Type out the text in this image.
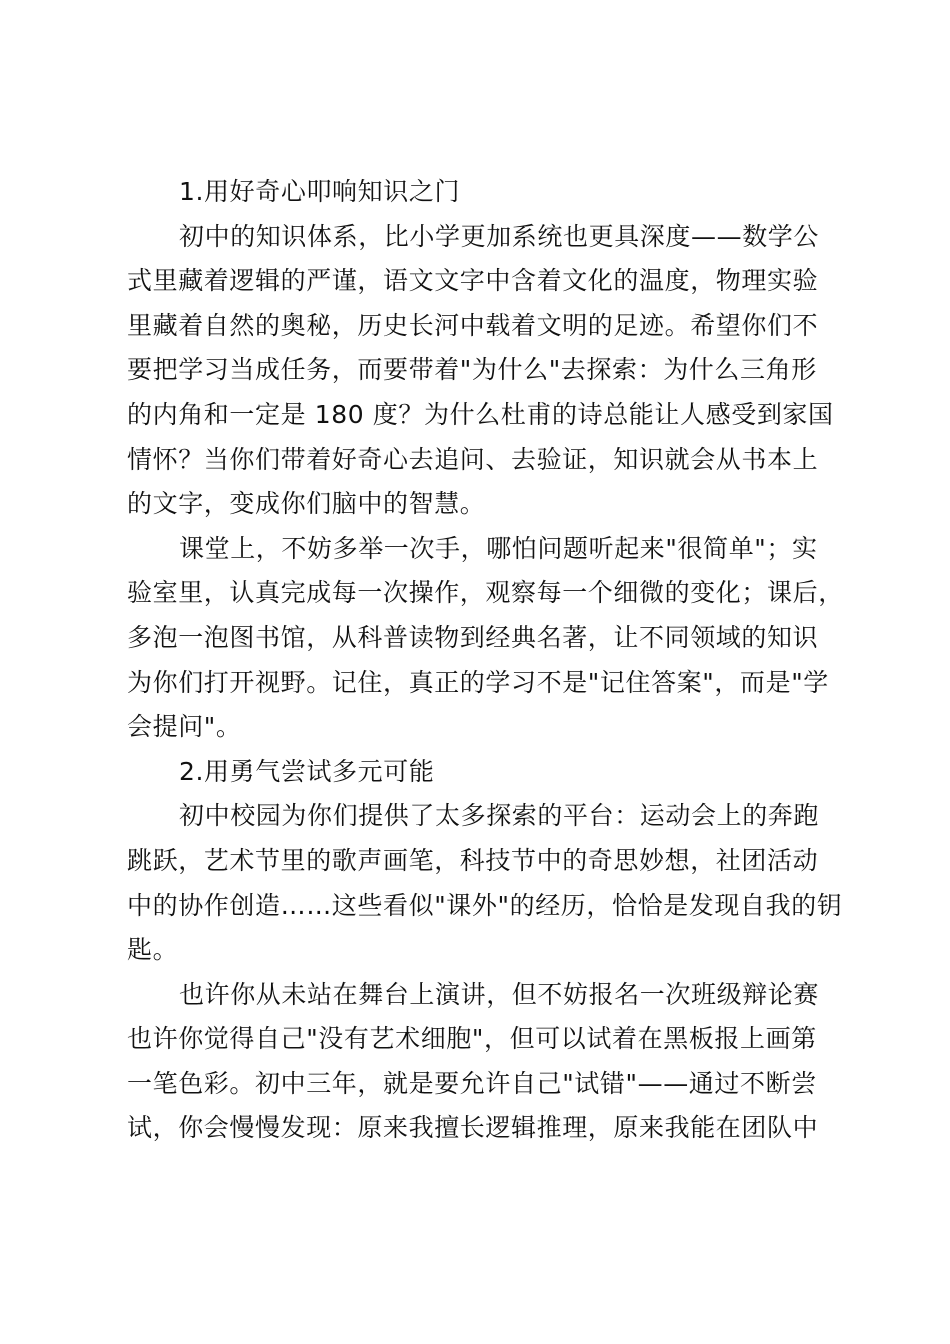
1.用好奇心叩响知识之门
初中的知识体系，比小学更加系统也更具深度——数学公
式里藏着逻辑的严谨，语文文字中含着文化的温度，物理实验
里藏着自然的奥秘，历史长河中载着文明的足迹。希望你们不
要把学习当成任务，而要带着"为什么"去探索：为什么三角形
的内角和一定是 180 度？为什么杜甫的诗总能让人感受到家国
情怀？当你们带着好奇心去追问、去验证，知识就会从书本上
的文字，变成你们脑中的智慧。
课堂上，不妨多举一次手，哪怕问题听起来"很简单"；实
验室里，认真完成每一次操作，观察每一个细微的变化；课后，
多泡一泡图书馆，从科普读物到经典名著，让不同领域的知识
为你们打开视野。记住，真正的学习不是"记住答案"，而是"学
会提问"。
2.用勇气尝试多元可能
初中校园为你们提供了太多探索的平台：运动会上的奔跑
跳跃，艺术节里的歌声画笔，科技节中的奇思妙想，社团活动
中的协作创造……这些看似"课外"的经历，恰恰是发现自我的钥
匙。
也许你从未站在舞台上演讲，但不妨报名一次班级辩论赛
也许你觉得自己"没有艺术细胞"，但可以试着在黑板报上画第
一笔色彩。初中三年，就是要允许自己"试错"——通过不断尝
试，你会慢慢发现：原来我擅长逻辑推理，原来我能在团队中
